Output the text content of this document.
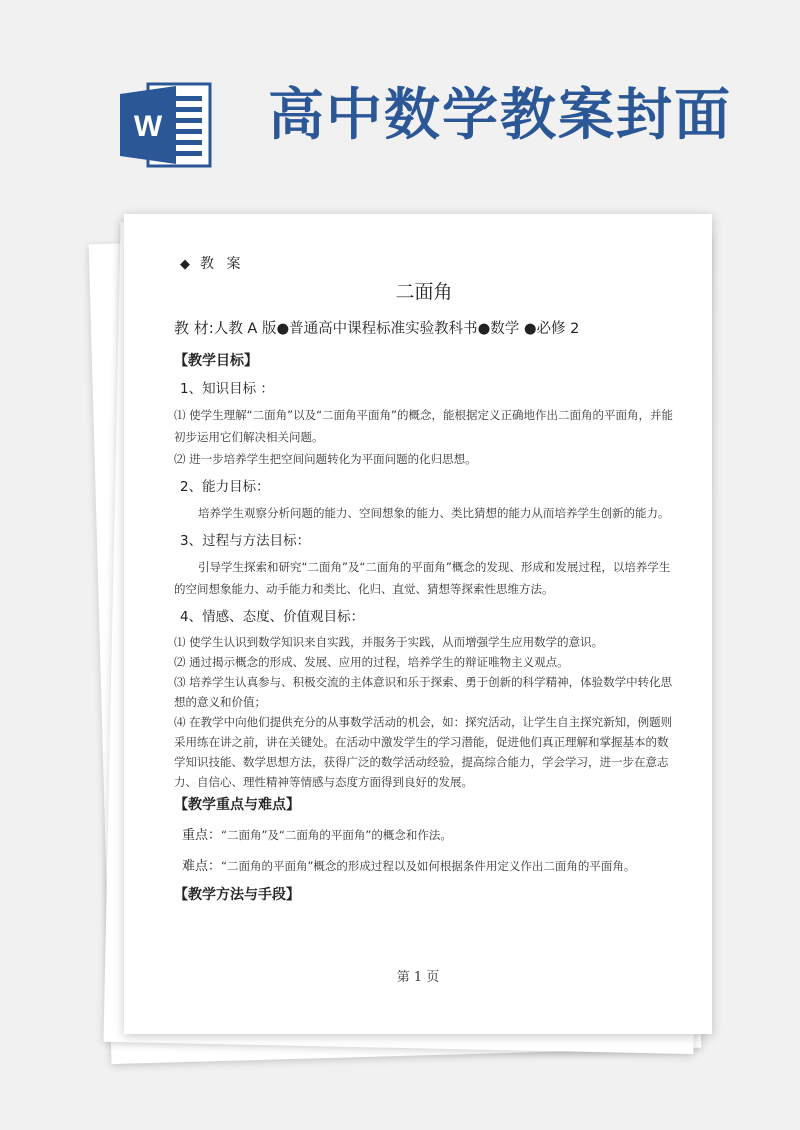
W 高中数学教案封面
◆ 教 案
二面角
教 材:人教 A 版●普通高中课程标准实验教科书●数学 ●必修 2
【教学目标】
1、知识目标 ：

⑴ 使学生理解“二面角”以及“二面角平面角”的概念，能根据定义正确地作出二面角的平面角，并能初步运用它们解决相关问题。

⑵ 进一步培养学生把空间问题转化为平面问题的化归思想。

2、能力目标：

培养学生观察分析问题的能力、空间想象的能力、类比猜想的能力从而培养学生创新的能力。

3、过程与方法目标：

引导学生探索和研究“二面角”及“二面角的平面角”概念的发现、形成和发展过程，以培养学生的空间想象能力、动手能力和类比、化归、直觉、猜想等探索性思维方法。

4、情感、态度、价值观目标：

⑴ 使学生认识到数学知识来自实践，并服务于实践，从而增强学生应用数学的意识。

⑵ 通过揭示概念的形成、发展、应用的过程，培养学生的辩证唯物主义观点。

⑶ 培养学生认真参与、积极交流的主体意识和乐于探索、勇于创新的科学精神，体验数学中转化思想的意义和价值；

⑷ 在教学中向他们提供充分的从事数学活动的机会，如：探究活动，让学生自主探究新知，例题则采用练在讲之前，讲在关键处。在活动中激发学生的学习潜能，促进他们真正理解和掌握基本的数学知识技能、数学思想方法，获得广泛的数学活动经验，提高综合能力，学会学习，进一步在意志力、自信心、理性精神等情感与态度方面得到良好的发展。

【教学重点与难点】
重点：“二面角”及“二面角的平面角”的概念和作法。
难点：“二面角的平面角”概念的形成过程以及如何根据条件用定义作出二面角的平面角。
【教学方法与手段】
第 1 页
